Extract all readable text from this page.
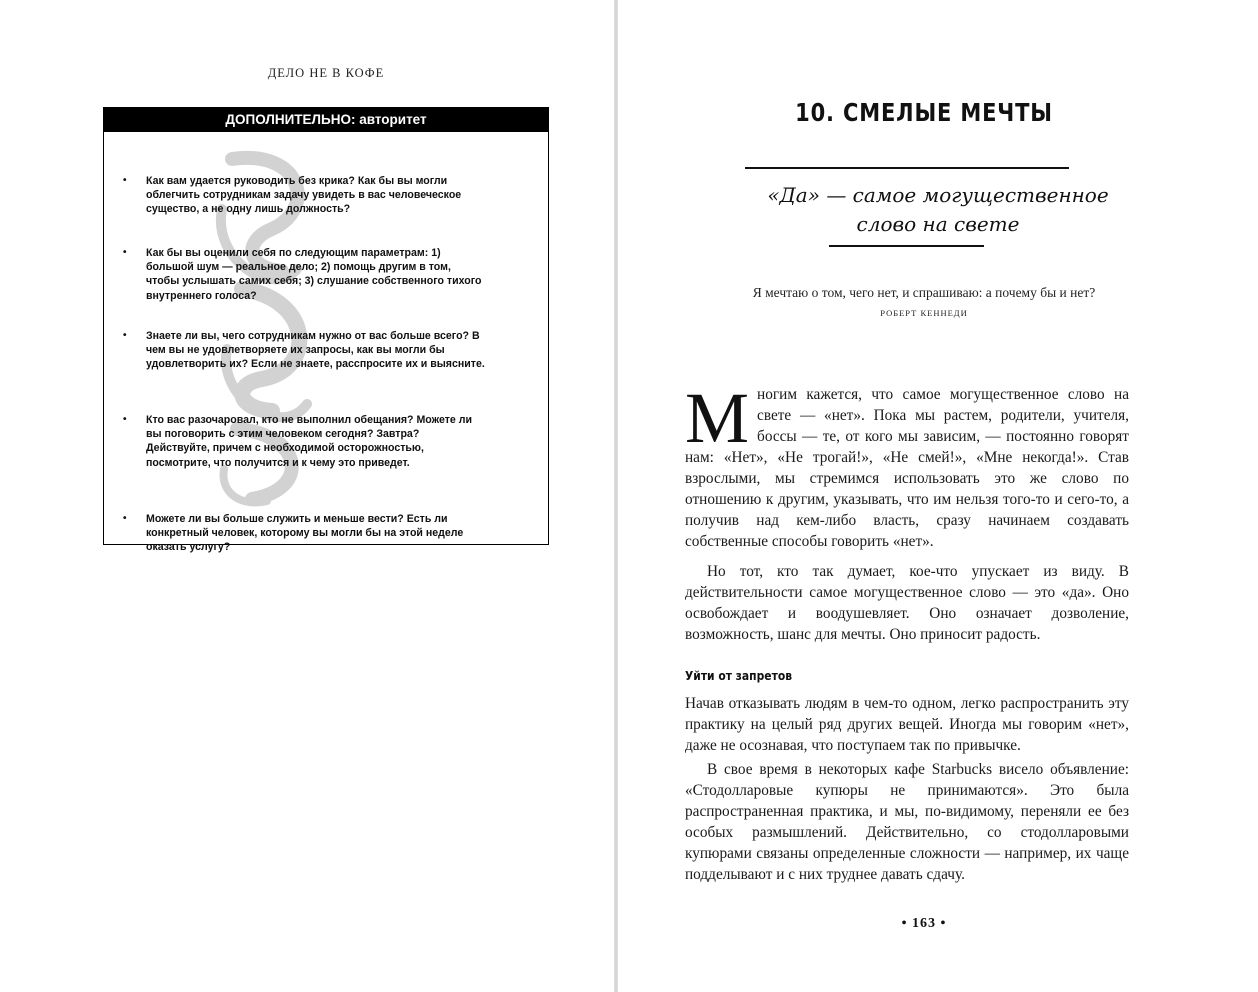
ДЕЛО НЕ В КОФЕ
ДОПОЛНИТЕЛЬНО: авторитет
• Как вам удается руководить без крика? Как бы вы могли облегчить сотрудникам задачу увидеть в вас человеческое существо, а не одну лишь должность?
• Как бы вы оценили себя по следующим параметрам: 1) большой шум — реальное дело; 2) помощь другим в том, чтобы услышать самих себя; 3) слушание собственного тихого внутреннего голоса?
• Знаете ли вы, чего сотрудникам нужно от вас больше всего? В чем вы не удовлетворяете их запросы, как вы могли бы удовлетворить их? Если не знаете, расспросите их и выясните.
• Кто вас разочаровал, кто не выполнил обещания? Можете ли вы поговорить с этим человеком сегодня? Завтра? Действуйте, причем с необходимой осторожностью, посмотрите, что получится и к чему это приведет.
• Можете ли вы больше служить и меньше вести? Есть ли конкретный человек, которому вы могли бы на этой неделе оказать услугу?
10. СМЕЛЫЕ МЕЧТЫ
«Да» — самое могущественное
слово на свете
Я мечтаю о том, чего нет, и спрашиваю: а почему бы и нет?
РОБЕРТ КЕННЕДИ
Многим кажется, что самое могущественное слово на свете — «нет». Пока мы растем, родители, учителя, боссы — те, от кого мы зависим, — постоянно говорят нам: «Нет», «Не трогай!», «Не смей!», «Мне некогда!». Став взрослыми, мы стремимся использовать это же слово по отношению к другим, указывать, что им нельзя того-то и сего-то, а получив над кем-либо власть, сразу начинаем создавать собственные способы говорить «нет».
Но тот, кто так думает, кое-что упускает из виду. В действительности самое могущественное слово — это «да». Оно освобождает и воодушевляет. Оно означает дозволение, возможность, шанс для мечты. Оно приносит радость.
Уйти от запретов
Начав отказывать людям в чем-то одном, легко распространить эту практику на целый ряд других вещей. Иногда мы говорим «нет», даже не осознавая, что поступаем так по привычке.
В свое время в некоторых кафе Starbucks висело объявление: «Стодолларовые купюры не принимаются». Это была распространенная практика, и мы, по-видимому, переняли ее без особых размышлений. Действительно, со стодолларовыми купюрами связаны определенные сложности — например, их чаще подделывают и с них труднее давать сдачу.
• 163 •
